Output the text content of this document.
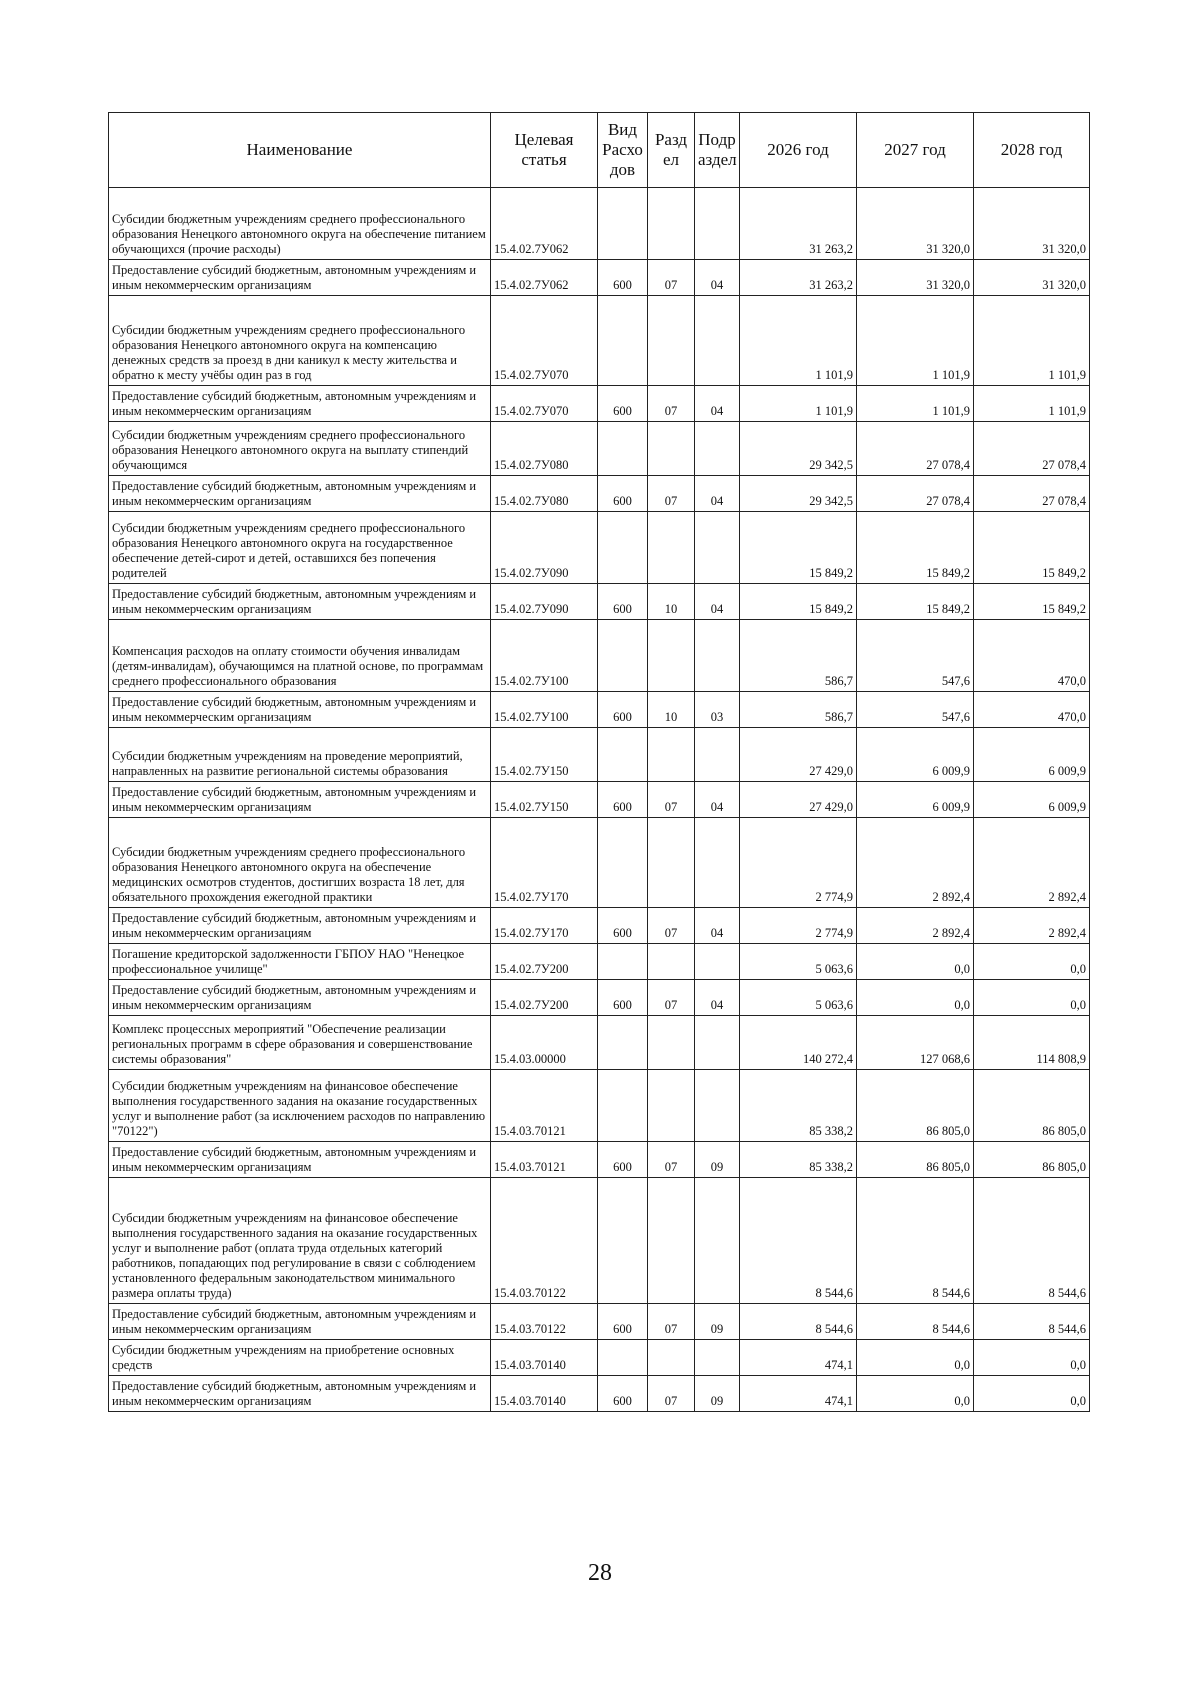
Наименование	Целевая статья	Вид Расхо дов	Разд ел	Подр аздел	2026 год	2027 год	2028 год
Субсидии бюджетным учреждениям среднего профессионального образования Ненецкого автономного округа на обеспечение питанием обучающихся (прочие расходы)	15.4.02.7У062				31 263,2	31 320,0	31 320,0
Предоставление субсидий бюджетным, автономным учреждениям и иным некоммерческим организациям	15.4.02.7У062	600	07	04	31 263,2	31 320,0	31 320,0
Субсидии бюджетным учреждениям среднего профессионального образования Ненецкого автономного округа на компенсацию денежных средств за проезд в дни каникул к месту жительства и обратно к месту учёбы один раз в год	15.4.02.7У070				1 101,9	1 101,9	1 101,9
Предоставление субсидий бюджетным, автономным учреждениям и иным некоммерческим организациям	15.4.02.7У070	600	07	04	1 101,9	1 101,9	1 101,9
Субсидии бюджетным учреждениям среднего профессионального образования Ненецкого автономного округа на выплату стипендий обучающимся	15.4.02.7У080				29 342,5	27 078,4	27 078,4
Предоставление субсидий бюджетным, автономным учреждениям и иным некоммерческим организациям	15.4.02.7У080	600	07	04	29 342,5	27 078,4	27 078,4
Субсидии бюджетным учреждениям среднего профессионального образования Ненецкого автономного округа на государственное обеспечение детей-сирот и детей, оставшихся без попечения родителей	15.4.02.7У090				15 849,2	15 849,2	15 849,2
Предоставление субсидий бюджетным, автономным учреждениям и иным некоммерческим организациям	15.4.02.7У090	600	10	04	15 849,2	15 849,2	15 849,2
Компенсация расходов на оплату стоимости обучения инвалидам (детям-инвалидам), обучающимся на платной основе, по программам среднего профессионального образования	15.4.02.7У100				586,7	547,6	470,0
Предоставление субсидий бюджетным, автономным учреждениям и иным некоммерческим организациям	15.4.02.7У100	600	10	03	586,7	547,6	470,0
Субсидии бюджетным учреждениям на проведение мероприятий, направленных на развитие региональной системы образования	15.4.02.7У150				27 429,0	6 009,9	6 009,9
Предоставление субсидий бюджетным, автономным учреждениям и иным некоммерческим организациям	15.4.02.7У150	600	07	04	27 429,0	6 009,9	6 009,9
Субсидии бюджетным учреждениям среднего профессионального образования Ненецкого автономного округа на обеспечение медицинских осмотров студентов, достигших возраста 18 лет, для обязательного прохождения ежегодной практики	15.4.02.7У170				2 774,9	2 892,4	2 892,4
Предоставление субсидий бюджетным, автономным учреждениям и иным некоммерческим организациям	15.4.02.7У170	600	07	04	2 774,9	2 892,4	2 892,4
Погашение кредиторской задолженности ГБПОУ НАО "Ненецкое профессиональное училище"	15.4.02.7У200				5 063,6	0,0	0,0
Предоставление субсидий бюджетным, автономным учреждениям и иным некоммерческим организациям	15.4.02.7У200	600	07	04	5 063,6	0,0	0,0
Комплекс процессных мероприятий "Обеспечение реализации региональных программ в сфере образования и совершенствование системы образования"	15.4.03.00000				140 272,4	127 068,6	114 808,9
Субсидии бюджетным учреждениям на финансовое обеспечение выполнения государственного задания на оказание государственных услуг и выполнение работ (за исключением расходов по направлению "70122")	15.4.03.70121				85 338,2	86 805,0	86 805,0
Предоставление субсидий бюджетным, автономным учреждениям и иным некоммерческим организациям	15.4.03.70121	600	07	09	85 338,2	86 805,0	86 805,0
Субсидии бюджетным учреждениям на финансовое обеспечение выполнения государственного задания на оказание государственных услуг и выполнение работ (оплата труда отдельных категорий работников, попадающих под регулирование в связи с соблюдением установленного федеральным законодательством минимального размера оплаты труда)	15.4.03.70122				8 544,6	8 544,6	8 544,6
Предоставление субсидий бюджетным, автономным учреждениям и иным некоммерческим организациям	15.4.03.70122	600	07	09	8 544,6	8 544,6	8 544,6
Субсидии бюджетным учреждениям на приобретение основных средств	15.4.03.70140				474,1	0,0	0,0
Предоставление субсидий бюджетным, автономным учреждениям и иным некоммерческим организациям	15.4.03.70140	600	07	09	474,1	0,0	0,0
28
